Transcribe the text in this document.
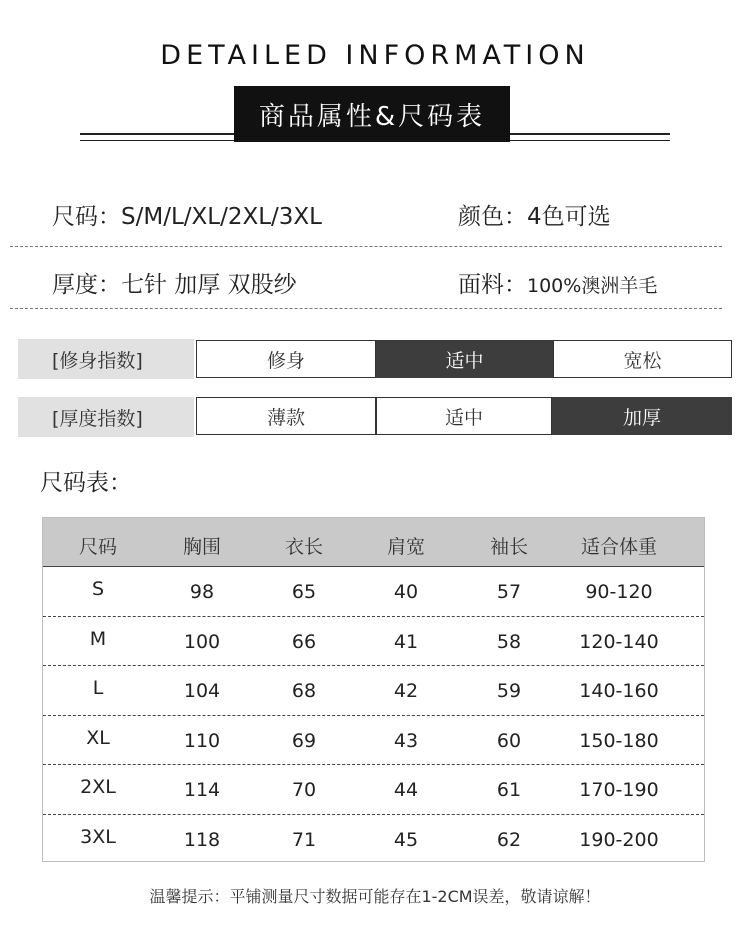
DETAILED INFORMATION
商品属性&尺码表
尺码：S/M/L/XL/2XL/3XL	颜色：4色可选
厚度：七针 加厚 双股纱	面料：100%澳洲羊毛
[修身指数]	修身	适中	宽松
[厚度指数]	薄款	适中	加厚
尺码表：
尺码	胸围	衣长	肩宽	袖长	适合体重
S	98	65	40	57	90-120
M	100	66	41	58	120-140
L	104	68	42	59	140-160
XL	110	69	43	60	150-180
2XL	114	70	44	61	170-190
3XL	118	71	45	62	190-200
温馨提示：平铺测量尺寸数据可能存在1-2CM误差，敬请谅解！
